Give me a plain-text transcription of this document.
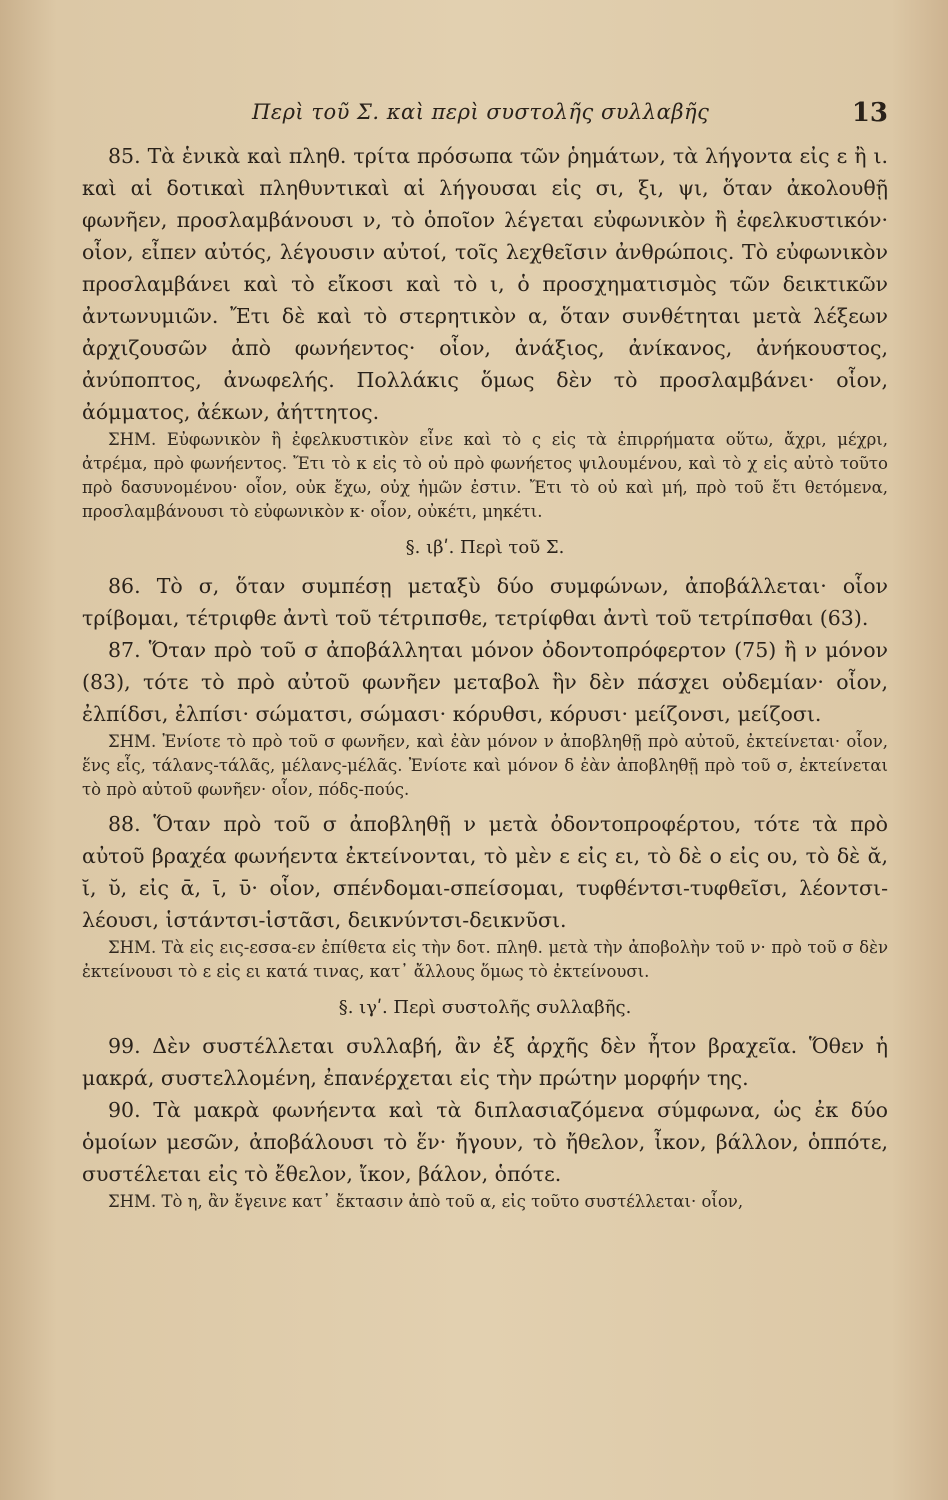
Περὶ τοῦ Σ. καὶ περὶ συστολῆς συλλαβῆς	13

85. Τὰ ἑνικὰ καὶ πληθ. τρίτα πρόσωπα τῶν ῥημάτων, τὰ λήγοντα εἰς ε ἢ ι. καὶ αἱ δοτικαὶ πληθυντικαὶ αἱ λήγουσαι εἰς σι, ξι, ψι, ὅταν ἀκολουθῇ φωνῆεν, προσλαμβάνουσι ν, τὸ ὁποῖον λέγεται εὐφωνικὸν ἢ ἐφελκυστικόν· οἷον, εἶπεν αὐτός, λέγουσιν αὐτοί, τοῖς λεχθεῖσιν ἀνθρώποις. Τὸ εὐφωνικὸν προσλαμβάνει καὶ τὸ εἴκοσι καὶ τὸ ι, ὁ προσχηματισμὸς τῶν δεικτικῶν ἀντωνυμιῶν. Ἔτι δὲ καὶ τὸ στερητικὸν α, ὅταν συνθέτηται μετὰ λέξεων ἀρχιζουσῶν ἀπὸ φωνήεντος· οἷον, ἀνάξιος, ἀνίκανος, ἀνήκουστος, ἀνύποπτος, ἀνωφελής. Πολλάκις ὅμως δὲν τὸ προσλαμβάνει· οἷον, ἀόμματος, ἀέκων, ἀήττητος.

ΣΗΜ. Εὐφωνικὸν ἢ ἐφελκυστικὸν εἶνε καὶ τὸ ς εἰς τὰ ἐπιρρήματα οὕτω, ἄχρι, μέχρι, ἀτρέμα, πρὸ φωνήεντος. Ἔτι τὸ κ εἰς τὸ οὐ πρὸ φωνήετος ψιλουμένου, καὶ τὸ χ εἰς αὐτὸ τοῦτο πρὸ δασυνομένου· οἷον, οὐκ ἔχω, οὐχ ἡμῶν ἐστιν. Ἔτι τὸ οὐ καὶ μή, πρὸ τοῦ ἔτι θετόμενα, προσλαμβάνουσι τὸ εὐφωνικὸν κ· οἷον, οὐκέτι, μηκέτι.

§. ιβʹ. Περὶ τοῦ Σ.

86. Τὸ σ, ὅταν συμπέσῃ μεταξὺ δύο συμφώνων, ἀποβάλλεται· οἷον τρίβομαι, τέτριφθε ἀντὶ τοῦ τέτριπσθε, τετρίφθαι ἀντὶ τοῦ τετρίπσθαι (63).

87. Ὅταν πρὸ τοῦ σ ἀποβάλληται μόνον ὀδοντοπρόφερτον (75) ἢ ν μόνον (83), τότε τὸ πρὸ αὐτοῦ φωνῆεν μεταβολ ἣν δὲν πάσχει οὐδεμίαν· οἷον, ἐλπίδσι, ἐλπίσι· σώματσι, σώμασι· κόρυθσι, κόρυσι· μείζονσι, μείζοσι.

ΣΗΜ. Ἐνίοτε τὸ πρὸ τοῦ σ φωνῆεν, καὶ ἐὰν μόνον ν ἀποβληθῇ πρὸ αὐτοῦ, ἐκτείνεται· οἷον, ἕνς εἷς, τάλανς-τάλᾶς, μέλανς-μέλᾶς. Ἐνίοτε καὶ μόνον δ ἐὰν ἀποβληθῇ πρὸ τοῦ σ, ἐκτείνεται τὸ πρὸ αὐτοῦ φωνῆεν· οἷον, πόδς-πούς.

88. Ὅταν πρὸ τοῦ σ ἀποβληθῇ ν μετὰ ὀδοντοπροφέρτου, τότε τὰ πρὸ αὐτοῦ βραχέα φωνήεντα ἐκτείνονται, τὸ μὲν ε εἰς ει, τὸ δὲ ο εἰς ου, τὸ δὲ ᾰ, ῐ, ῠ, εἰς ᾱ, ῑ, ῡ· οἷον, σπένδομαι-σπείσομαι, τυφθέντσι-τυφθεῖσι, λέοντσι-λέουσι, ἱστάντσι-ἱστᾶσι, δεικνύντσι-δεικνῦσι.

ΣΗΜ. Τὰ εἰς εις-εσσα-εν ἐπίθετα εἰς τὴν δοτ. πληθ. μετὰ τὴν ἀποβολὴν τοῦ ν· πρὸ τοῦ σ δὲν ἐκτείνουσι τὸ ε εἰς ει κατά τινας, κατ᾽ ἄλλους ὅμως τὸ ἐκτείνουσι.

§. ιγʹ. Περὶ συστολῆς συλλαβῆς.

99. Δὲν συστέλλεται συλλαβή, ἂν ἐξ ἀρχῆς δὲν ἦτον βραχεῖα. Ὅθεν ἡ μακρά, συστελλομένη, ἐπανέρχεται εἰς τὴν πρώτην μορφήν της.

90. Τὰ μακρὰ φωνήεντα καὶ τὰ διπλασιαζόμενα σύμφωνα, ὡς ἐκ δύο ὁμοίων μεσῶν, ἀποβάλουσι τὸ ἕν· ἤγουν, τὸ ἤθελον, ἶκον, βάλλον, ὁππότε, συστέλεται εἰς τὸ ἔθελον, ἴκον, βάλον, ὁπότε.

ΣΗΜ. Τὸ η, ἂν ἔγεινε κατ᾽ ἔκτασιν ἀπὸ τοῦ α, εἰς τοῦτο συστέλλεται· οἷον,
